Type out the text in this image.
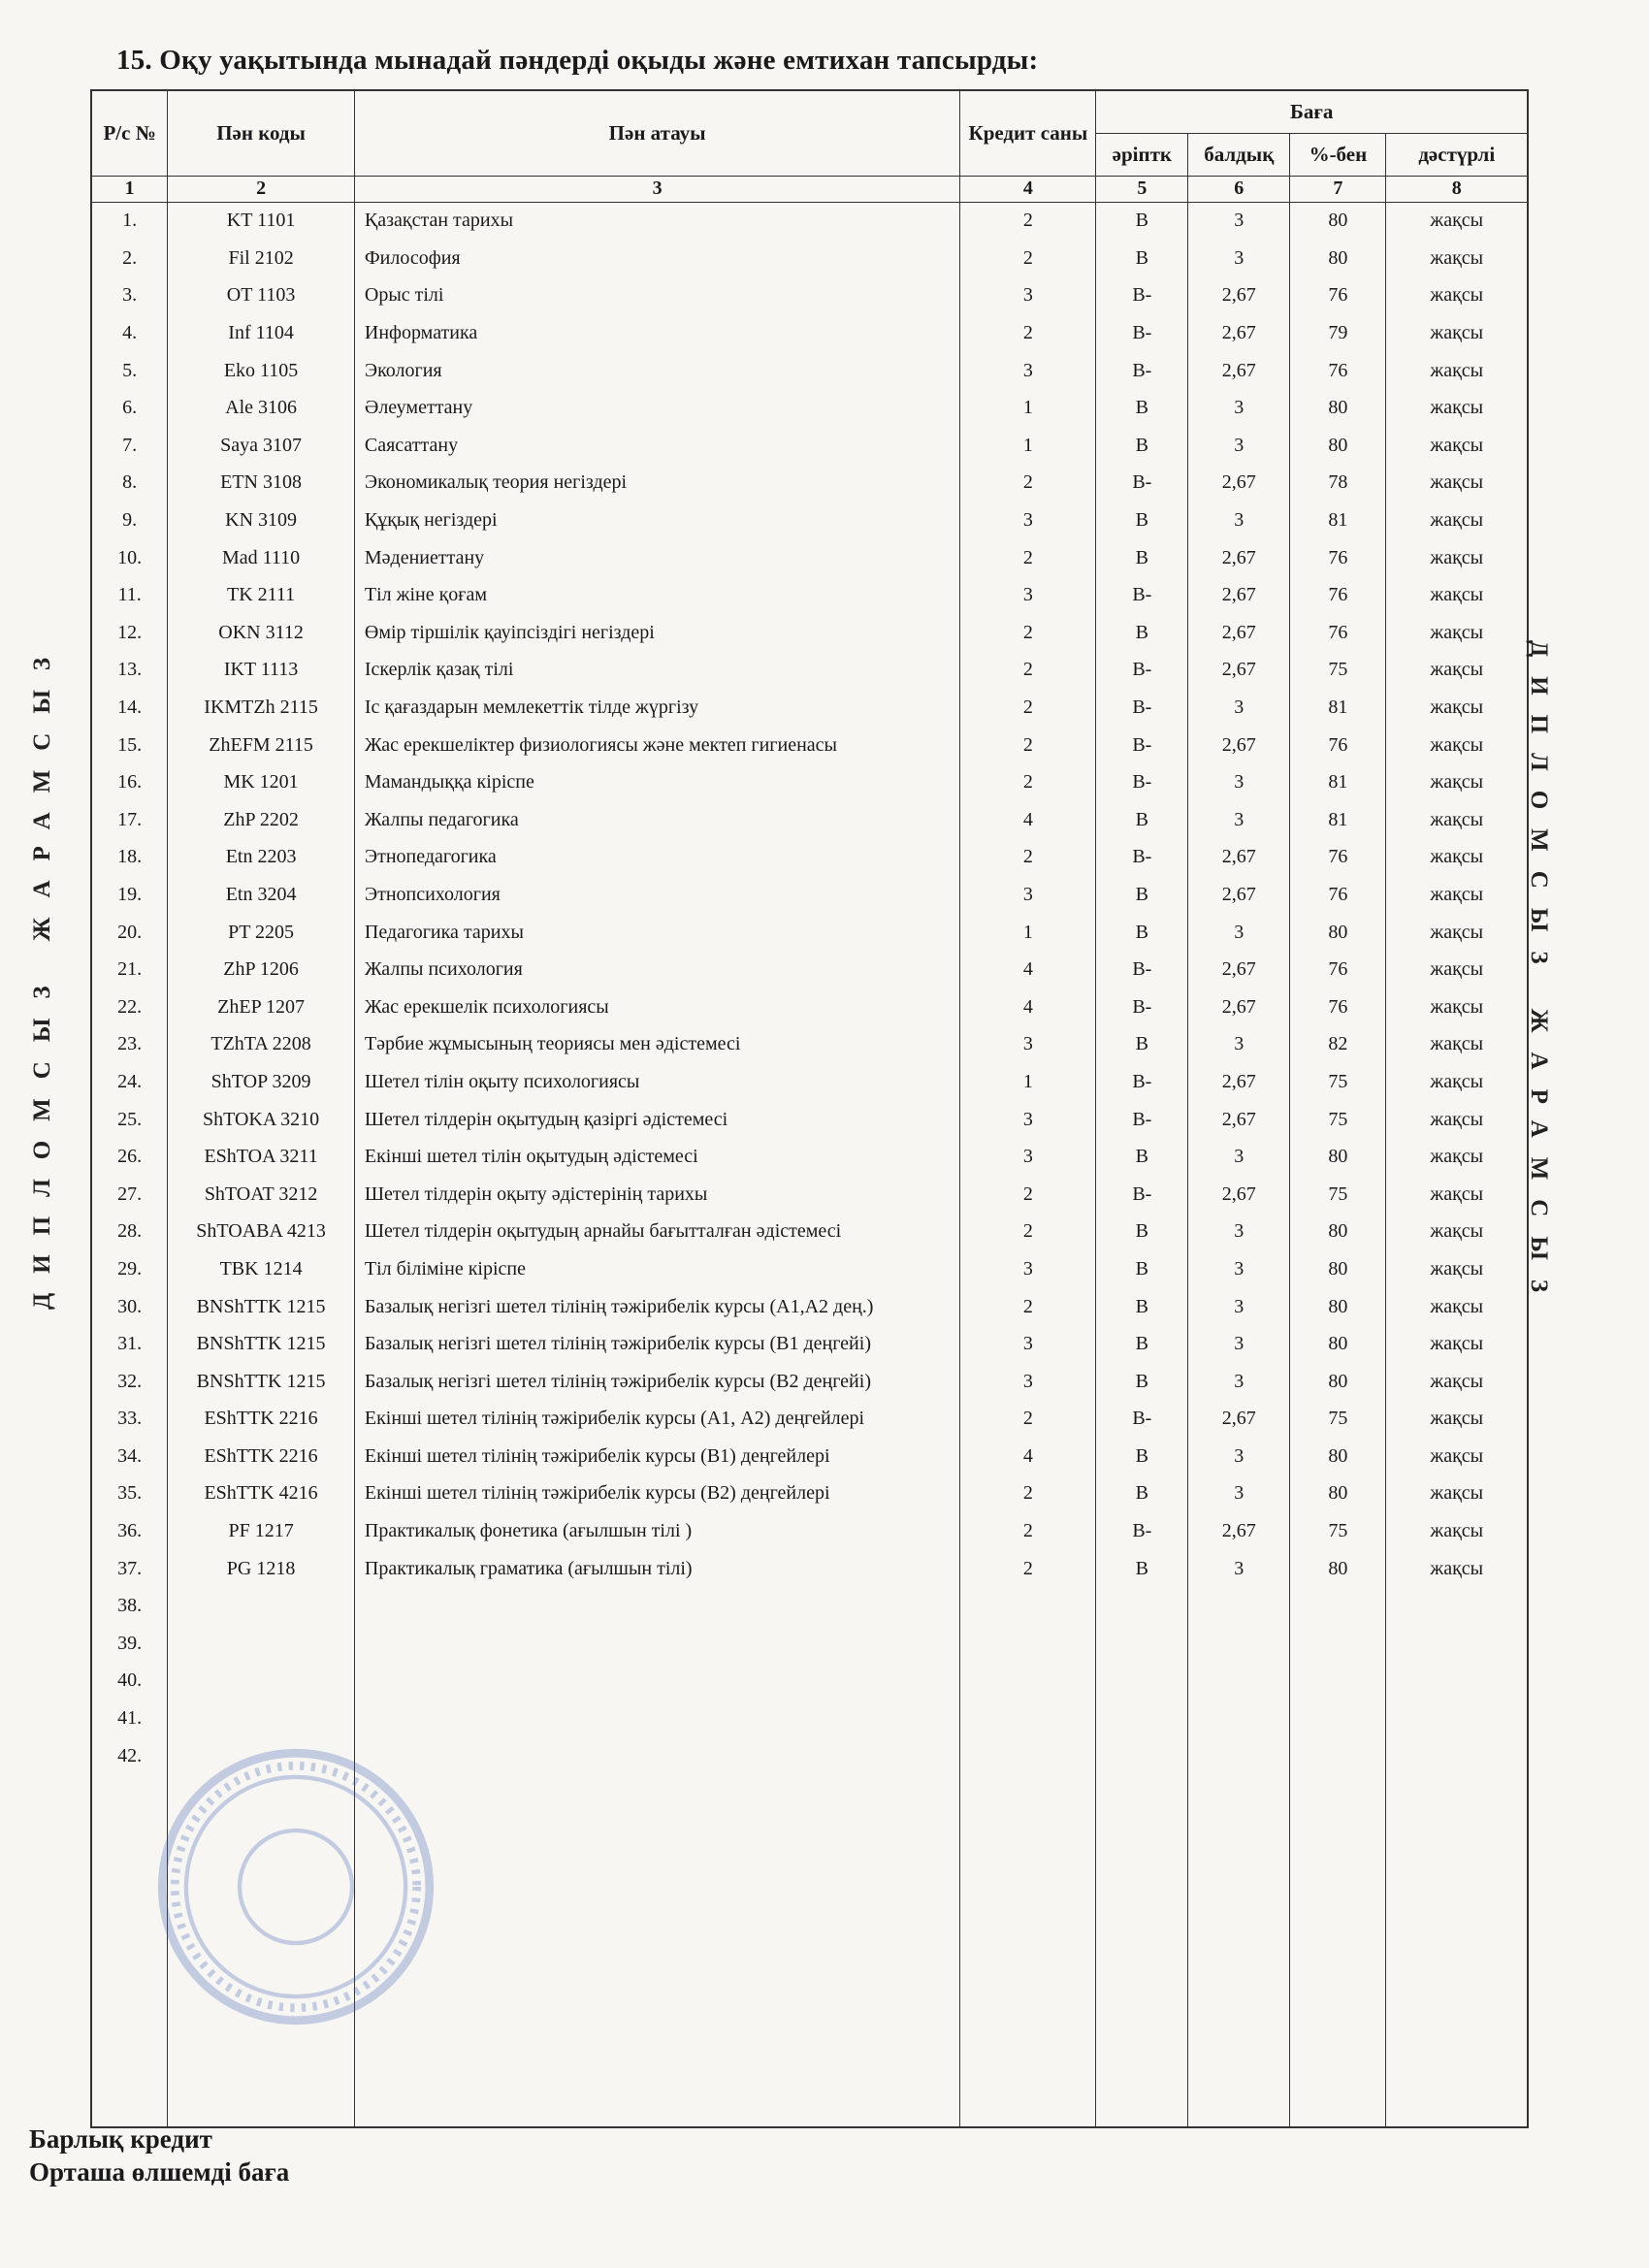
15. Оқу уақытында мынадай пәндерді оқыды және емтихан тапсырды:
Р/с №	Пән коды	Пән атауы	Кредит саны	Баға			
				әріптк	балдық	%-бен	дәстүрлі
1	2	3	4	5	6	7	8
1.	KT 1101	Қазақстан тарихы	2	B	3	80	жақсы
2.	Fil 2102	Философия	2	B	3	80	жақсы
3.	OT 1103	Орыс тілі	3	B-	2,67	76	жақсы
4.	Inf 1104	Информатика	2	B-	2,67	79	жақсы
5.	Eko 1105	Экология	3	B-	2,67	76	жақсы
6.	Ale 3106	Әлеуметтану	1	B	3	80	жақсы
7.	Saya 3107	Саясаттану	1	B	3	80	жақсы
8.	ETN 3108	Экономикалық теория негіздері	2	B-	2,67	78	жақсы
9.	KN 3109	Құқық негіздері	3	B	3	81	жақсы
10.	Mad 1110	Мәдениеттану	2	B	2,67	76	жақсы
11.	TK 2111	Тіл жіне қоғам	3	B-	2,67	76	жақсы
12.	OKN 3112	Өмір тіршілік қауіпсіздігі негіздері	2	B	2,67	76	жақсы
13.	IKT 1113	Іскерлік қазақ тілі	2	B-	2,67	75	жақсы
14.	IKMTZh 2115	Іс қағаздарын мемлекеттік тілде жүргізу	2	B-	3	81	жақсы
15.	ZhEFM 2115	Жас ерекшеліктер физиологиясы және мектеп гигиенасы	2	B-	2,67	76	жақсы
16.	MK 1201	Мамандыққа кіріспе	2	B-	3	81	жақсы
17.	ZhP 2202	Жалпы педагогика	4	B	3	81	жақсы
18.	Etn 2203	Этнопедагогика	2	B-	2,67	76	жақсы
19.	Etn 3204	Этнопсихология	3	B	2,67	76	жақсы
20.	PT 2205	Педагогика тарихы	1	B	3	80	жақсы
21.	ZhP 1206	Жалпы психология	4	B-	2,67	76	жақсы
22.	ZhEP 1207	Жас ерекшелік психологиясы	4	B-	2,67	76	жақсы
23.	TZhTA 2208	Тәрбие жұмысының теориясы мен әдістемесі	3	B	3	82	жақсы
24.	ShTOP 3209	Шетел тілін оқыту психологиясы	1	B-	2,67	75	жақсы
25.	ShTOKA 3210	Шетел тілдерін оқытудың қазіргі әдістемесі	3	B-	2,67	75	жақсы
26.	EShTOA 3211	Екінші шетел тілін оқытудың әдістемесі	3	B	3	80	жақсы
27.	ShTOAT 3212	Шетел тілдерін оқыту әдістерінің тарихы	2	B-	2,67	75	жақсы
28.	ShTOABA 4213	Шетел тілдерін оқытудың арнайы бағытталған әдістемесі	2	B	3	80	жақсы
29.	TBK 1214	Тіл біліміне кіріспе	3	B	3	80	жақсы
30.	BNShTTK 1215	Базалық негізгі шетел тілінің тәжірибелік курсы (А1,А2 дең.)	2	B	3	80	жақсы
31.	BNShTTK 1215	Базалық негізгі шетел тілінің тәжірибелік курсы (В1 деңгейі)	3	B	3	80	жақсы
32.	BNShTTK 1215	Базалық негізгі шетел тілінің тәжірибелік курсы (В2 деңгейі)	3	B	3	80	жақсы
33.	EShTTK 2216	Екінші шетел тілінің тәжірибелік курсы (А1, А2) деңгейлері	2	B-	2,67	75	жақсы
34.	EShTTK 2216	Екінші шетел тілінің тәжірибелік курсы (В1) деңгейлері	4	B	3	80	жақсы
35.	EShTTK 4216	Екінші шетел тілінің тәжірибелік курсы (В2) деңгейлері	2	B	3	80	жақсы
36.	PF 1217	Практикалық фонетика (ағылшын тілі )	2	B-	2,67	75	жақсы
37.	PG 1218	Практикалық граматика (ағылшын тілі)	2	B	3	80	жақсы
38.							
39.							
40.							
41.							
42.							

ДИПЛОМСЫЗ ЖАРАМСЫЗ	ДИПЛОМСЫЗ ЖАРАМСЫЗ
Барлық кредит
Орташа өлшемді баға
